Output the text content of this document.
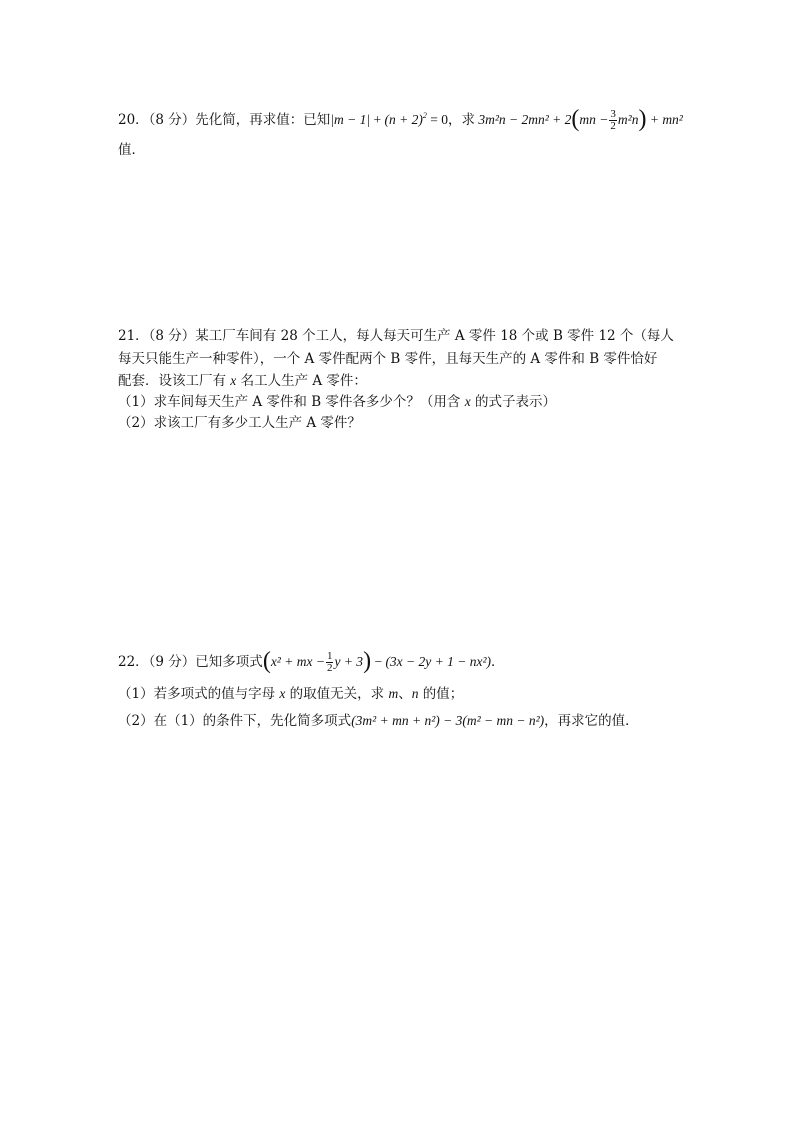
20．（8 分）先化简，再求值：已知$|m - 1| + (n + 2)^2 = 0$，求 $3m^2n - 2mn^2 + 2(mn - \frac{3}{2} m^2n) + mn^2$
值．
21．（8 分）某工厂车间有 28 个工人，每人每天可生产 A 零件 18 个或 B 零件 12 个（每人
每天只能生产一种零件），一个 A 零件配两个 B 零件，且每天生产的 A 零件和 B 零件恰好
配套．设该工厂有 x 名工人生产 A 零件：
（1）求车间每天生产 A 零件和 B 零件各多少个？（用含 x 的式子表示）
（2）求该工厂有多少工人生产 A 零件？
22．（9 分）已知多项式(x² + mx − $\frac{1}{2}$ y + 3) − (3x − 2y + 1 − nx²)．
（1）若多项式的值与字母 x 的取值无关，求 m、n 的值；
（2）在（1）的条件下，先化简多项式(3m² + mn + n²) − 3(m² − mn − n²)，再求它的值．
